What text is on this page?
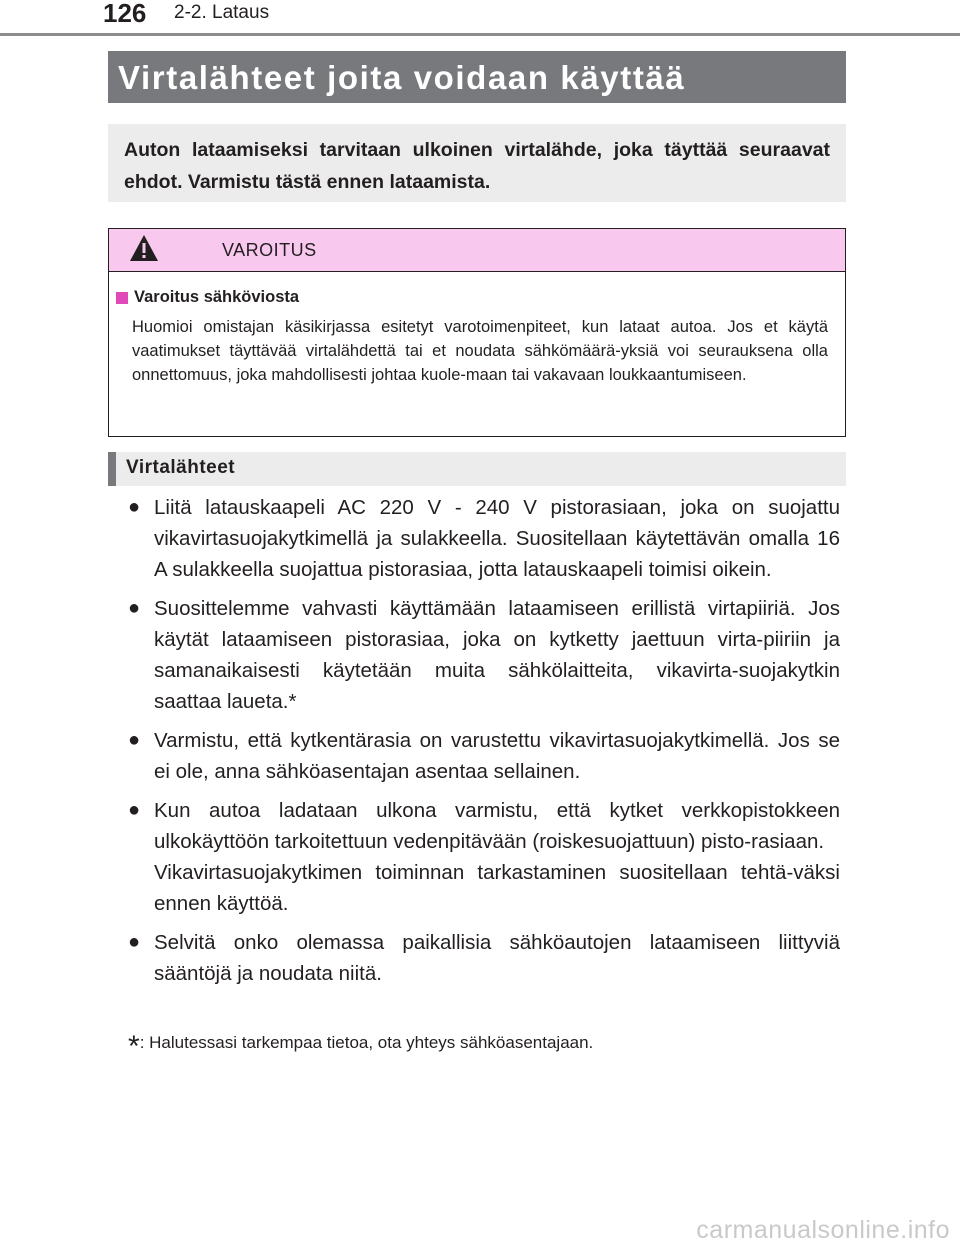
126 2-2. Lataus
Virtalähteet joita voidaan käyttää
Auton lataamiseksi tarvitaan ulkoinen virtalähde, joka täyttää seuraavat ehdot. Varmistu tästä ennen lataamista.
VAROITUS
Varoitus sähköviosta
Huomioi omistajan käsikirjassa esitetyt varotoimenpiteet, kun lataat autoa. Jos et käytä vaatimukset täyttävää virtalähdettä tai et noudata sähkömäärä-yksiä voi seurauksena olla onnettomuus, joka mahdollisesti johtaa kuole-maan tai vakavaan loukkaantumiseen.
Virtalähteet
● Liitä latauskaapeli AC 220 V - 240 V pistorasiaan, joka on suojattu vikavirtasuojakytkimellä ja sulakkeella. Suositellaan käytettävän omalla 16 A sulakkeella suojattua pistorasiaa, jotta latauskaapeli toimisi oikein.
● Suosittelemme vahvasti käyttämään lataamiseen erillistä virtapiiriä. Jos käytät lataamiseen pistorasiaa, joka on kytketty jaettuun virta-piiriin ja samanaikaisesti käytetään muita sähkölaitteita, vikavirta-suojakytkin saattaa laueta.*
● Varmistu, että kytkentärasia on varustettu vikavirtasuojakytkimellä. Jos se ei ole, anna sähköasentajan asentaa sellainen.
● Kun autoa ladataan ulkona varmistu, että kytket verkkopistokkeen ulkokäyttöön tarkoitettuun vedenpitävään (roiskesuojattuun) pisto-rasiaan.
Vikavirtasuojakytkimen toiminnan tarkastaminen suositellaan tehtä-väksi ennen käyttöä.
● Selvitä onko olemassa paikallisia sähköautojen lataamiseen liittyviä sääntöjä ja noudata niitä.
*: Halutessasi tarkempaa tietoa, ota yhteys sähköasentajaan.
carmanualsonline.info
